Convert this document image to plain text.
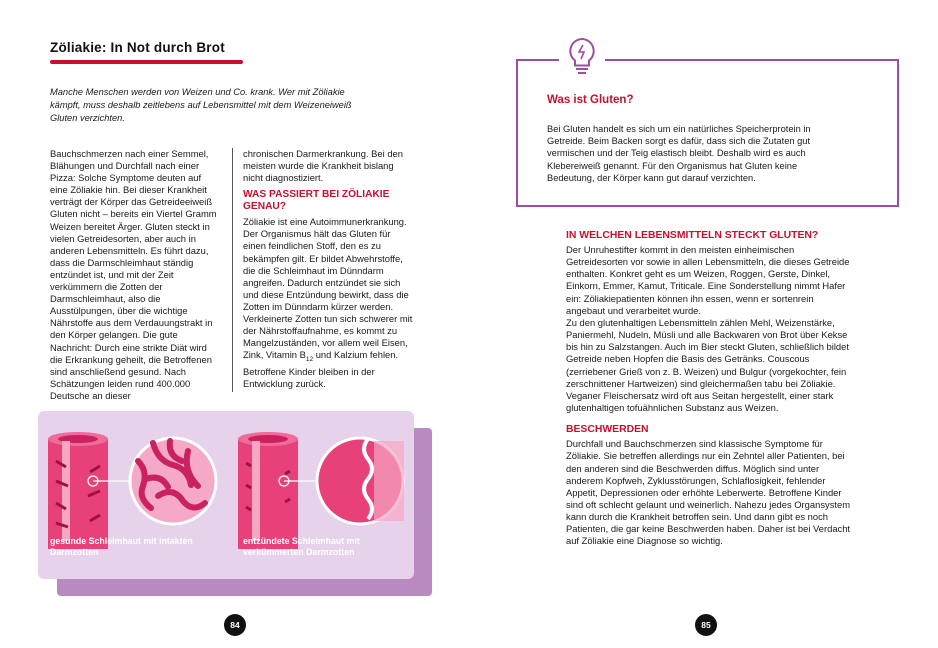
Zöliakie: In Not durch Brot
Manche Menschen werden von Weizen und Co. krank. Wer mit Zöliakie kämpft, muss deshalb zeitlebens auf Lebensmittel mit dem Weizeneiweiß Gluten verzichten.
Bauchschmerzen nach einer Semmel, Blähungen und Durchfall nach einer Pizza: Solche Symptome deuten auf eine Zöliakie hin. Bei dieser Krankheit verträgt der Körper das Getreideeiweiß Gluten nicht – bereits ein Viertel Gramm Weizen bereitet Ärger. Gluten steckt in vielen Getreidesorten, aber auch in anderen Lebensmitteln. Es führt dazu, dass die Darmschleimhaut ständig entzündet ist, und mit der Zeit verkümmern die Zotten der Darmschleimhaut, also die Ausstülpungen, über die wichtige Nährstoffe aus dem Verdauungstrakt in den Körper gelangen. Die gute Nachricht: Durch eine strikte Diät wird die Erkrankung geheilt, die Betroffenen sind anschließend gesund. Nach Schätzungen leiden rund 400.000 Deutsche an dieser
chronischen Darmerkrankung. Bei den meisten wurde die Krankheit bislang nicht diagnostiziert.
WAS PASSIERT BEI ZÖLIAKIE GENAU?
Zöliakie ist eine Autoimmunerkrankung. Der Organismus hält das Gluten für einen feindlichen Stoff, den es zu bekämpfen gilt. Er bildet Abwehrstoffe, die die Schleimhaut im Dünndarm angreifen. Dadurch entzündet sie sich und diese Entzündung bewirkt, dass die Zotten im Dünndarm kürzer werden. Verkleinerte Zotten tun sich schwerer mit der Nährstoffaufnahme, es kommt zu Mangelzuständen, vor allem weil Eisen, Zink, Vitamin $B_{12}$ und Kalzium fehlen. Betroffene Kinder bleiben in der Entwicklung zurück.
gesunde Schleimhaut mit intakten Darmzotten
entzündete Schleimhaut mit verkümmerten Darmzotten
84
Was ist Gluten?
Bei Gluten handelt es sich um ein natürliches Speicherprotein in Getreide. Beim Backen sorgt es dafür, dass sich die Zutaten gut vermischen und der Teig elastisch bleibt. Deshalb wird es auch Klebereiweiß genannt. Für den Organismus hat Gluten keine Bedeutung, der Körper kann gut darauf verzichten.
IN WELCHEN LEBENSMITTELN STECKT GLUTEN?
Der Unruhestifter kommt in den meisten einheimischen Getreidesorten vor sowie in allen Lebensmitteln, die dieses Getreide enthalten. Konkret geht es um Weizen, Roggen, Gerste, Dinkel, Einkorn, Emmer, Kamut, Triticale. Eine Sonderstellung nimmt Hafer ein: Zöliakiepatienten können ihn essen, wenn er sortenrein angebaut und verarbeitet wurde.
Zu den glutenhaltigen Lebensmitteln zählen Mehl, Weizenstärke, Paniermehl, Nudeln, Müsli und alle Backwaren von Brot über Kekse bis hin zu Salzstangen. Auch im Bier steckt Gluten, schließlich bildet Getreide neben Hopfen die Basis des Getränks. Couscous (zerriebener Grieß von z. B. Weizen) und Bulgur (vorgekochter, fein zerschnittener Hartweizen) sind gleichermaßen tabu bei Zöliakie. Veganer Fleischersatz wird oft aus Seitan hergestellt, einer stark glutenhaltigen tofuähnlichen Substanz aus Weizen.
BESCHWERDEN
Durchfall und Bauchschmerzen sind klassische Symptome für Zöliakie. Sie betreffen allerdings nur ein Zehntel aller Patienten, bei den anderen sind die Beschwerden diffus. Möglich sind unter anderem Kopfweh, Zyklusstörungen, Schlaflosigkeit, fehlender Appetit, Depressionen oder erhöhte Leberwerte. Betroffene Kinder sind oft schlecht gelaunt und weinerlich. Nahezu jedes Organsystem kann durch die Krankheit betroffen sein. Und dann gibt es noch Patienten, die gar keine Beschwerden haben. Daher ist bei Verdacht auf Zöliakie eine Diagnose so wichtig.
85
